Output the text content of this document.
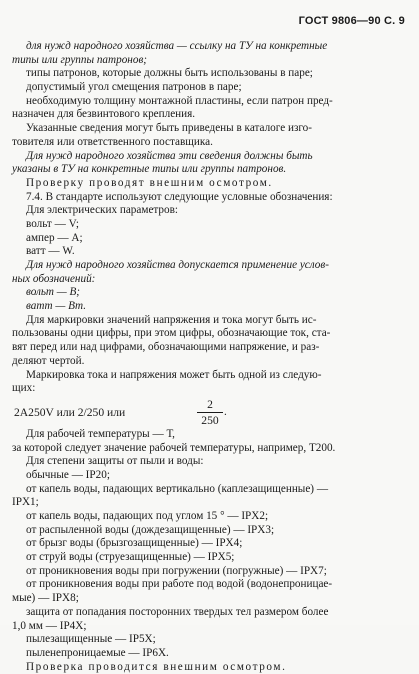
ГОСТ 9806—90 С. 9
для нужд народного хозяйства — ссылку на ТУ на конкретные
типы или группы патронов;
типы патронов, которые должны быть использованы в паре;
допустимый угол смещения патронов в паре;
необходимую толщину монтажной пластины, если патрон пред-
назначен для безвинтового крепления.
Указанные сведения могут быть приведены в каталоге изго-
товителя или ответственного поставщика.
Для нужд народного хозяйства эти сведения должны быть
указаны в ТУ на конкретные типы или группы патронов.
Проверку проводят внешним осмотром.
7.4. В стандарте используют следующие условные обозначения:
Для электрических параметров:
вольт — V;
ампер — А;
ватт — W.
Для нужд народного хозяйства допускается применение услов-
ных обозначений:
вольт — В;
ватт — Вт.
Для маркировки значений напряжения и тока могут быть ис-
пользованы одни цифры, при этом цифры, обозначающие ток, ста-
вят перед или над цифрами, обозначающими напряжение, и раз-
деляют чертой.
Маркировка тока и напряжения может быть одной из следую-
щих:
2A250V или 2/250 или
2
250
.
Для рабочей температуры — Т,
за которой следует значение рабочей температуры, например, Т200.
Для степени защиты от пыли и воды:
обычные — IP20;
от капель воды, падающих вертикально (каплезащищенные) —
IPX1;
от капель воды, падающих под углом 15 ° — IPX2;
от распыленной воды (дождезащищенные) — IPX3;
от брызг воды (брызгозащищенные) — IPX4;
от струй воды (струезащищенные) — IPX5;
от проникновения воды при погружении (погружные) — IPX7;
от проникновения воды при работе под водой (водонепроницае-
мые) — IPX8;
защита от попадания посторонних твердых тел размером более
1,0 мм — IP4X;
пылезащищенные — IP5X;
пыленепроницаемые — IP6X.
Проверка проводится внешним осмотром.
